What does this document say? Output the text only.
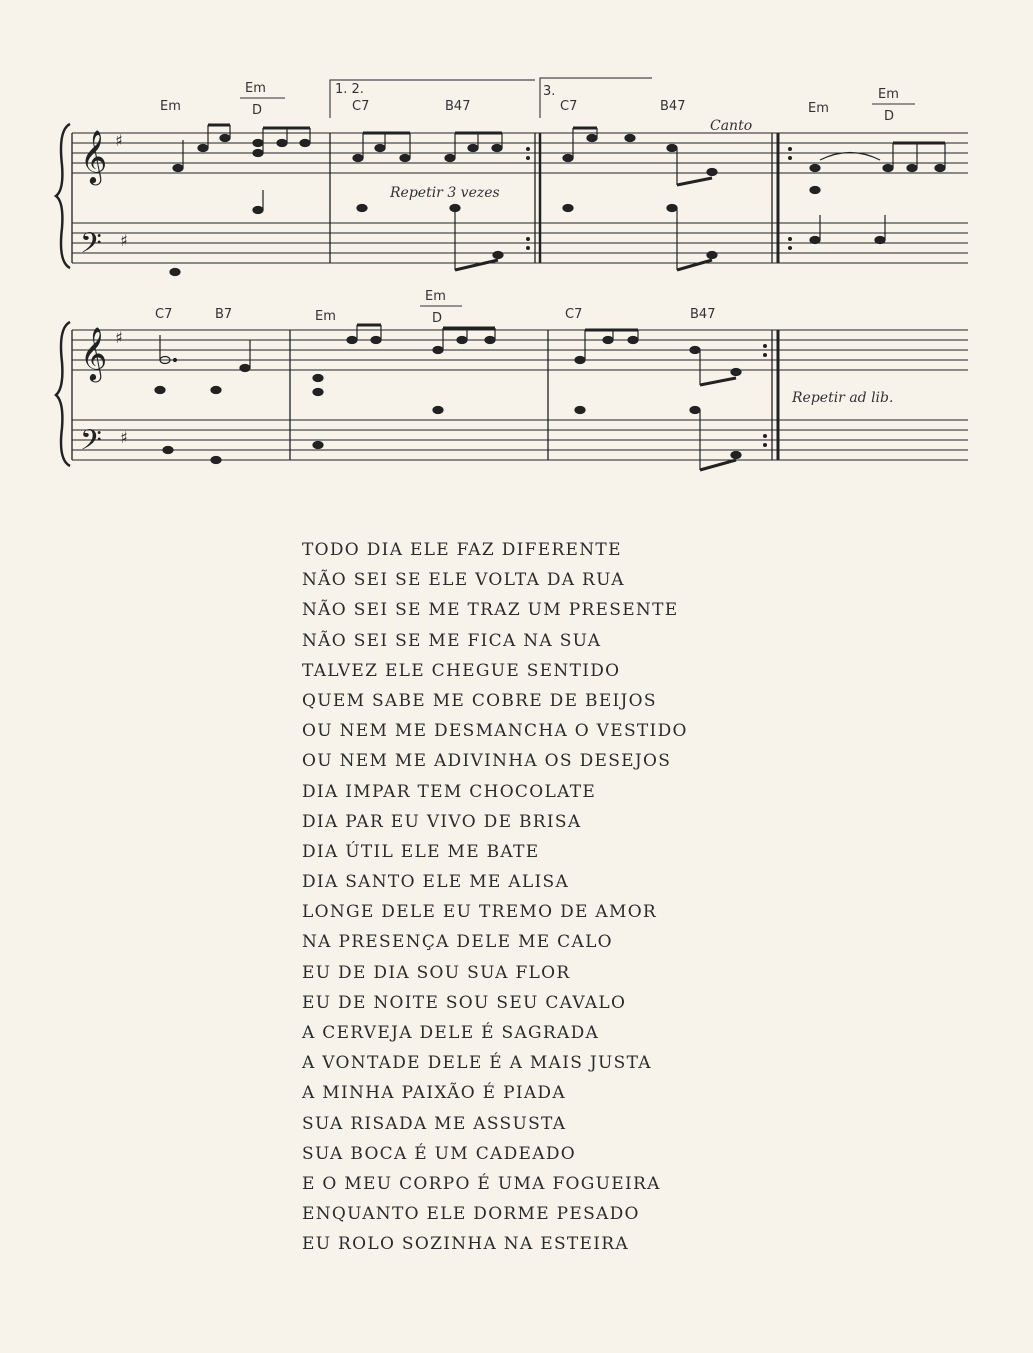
𝄞
𝄢
♯
♯
𝄞
𝄢
♯
♯
Em
Em
D
1. 2.
C7	B47
3.
C7	B47	Em
Em
D
Canto
Repetir 3 vezes
C7	B7	Em
Em
D	C7	B47
Repetir ad lib.
TODO DIA ELE FAZ DIFERENTE
NÃO SEI SE ELE VOLTA DA RUA
NÃO SEI SE ME TRAZ UM PRESENTE
NÃO SEI SE ME FICA NA SUA
TALVEZ ELE CHEGUE SENTIDO
QUEM SABE ME COBRE DE BEIJOS
OU NEM ME DESMANCHA O VESTIDO
OU NEM ME ADIVINHA OS DESEJOS
DIA IMPAR TEM CHOCOLATE
DIA PAR EU VIVO DE BRISA
DIA ÚTIL ELE ME BATE
DIA SANTO ELE ME ALISA
LONGE DELE EU TREMO DE AMOR
NA PRESENÇA DELE ME CALO
EU DE DIA SOU SUA FLOR
EU DE NOITE SOU SEU CAVALO
A CERVEJA DELE É SAGRADA
A VONTADE DELE É A MAIS JUSTA
A MINHA PAIXÃO É PIADA
SUA RISADA ME ASSUSTA
SUA BOCA É UM CADEADO
E O MEU CORPO É UMA FOGUEIRA
ENQUANTO ELE DORME PESADO
EU ROLO SOZINHA NA ESTEIRA
